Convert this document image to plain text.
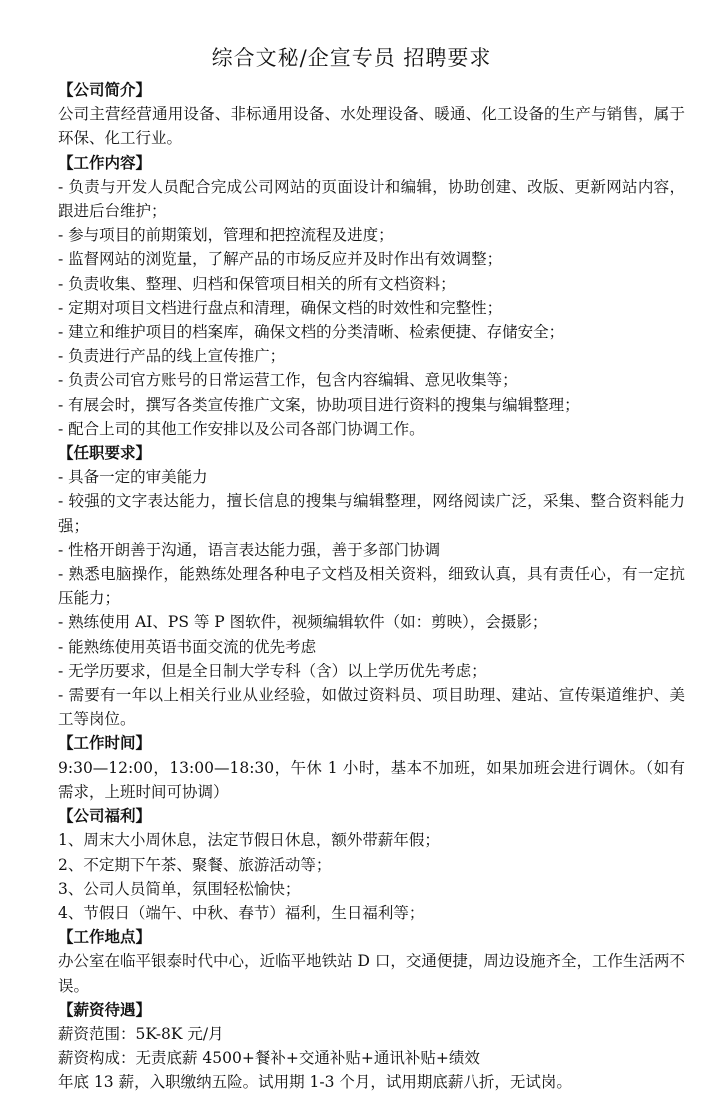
综合文秘/企宣专员 招聘要求
【公司简介】

公司主营经营通用设备、非标通用设备、水处理设备、暖通、化工设备的生产与销售，属于环保、化工行业。

【工作内容】
- 负责与开发人员配合完成公司网站的页面设计和编辑，协助创建、改版、更新网站内容，跟进后台维护；
- 参与项目的前期策划，管理和把控流程及进度；
- 监督网站的浏览量，了解产品的市场反应并及时作出有效调整；
- 负责收集、整理、归档和保管项目相关的所有文档资料；
- 定期对项目文档进行盘点和清理，确保文档的时效性和完整性；
- 建立和维护项目的档案库，确保文档的分类清晰、检索便捷、存储安全；
- 负责进行产品的线上宣传推广；
- 负责公司官方账号的日常运营工作，包含内容编辑、意见收集等；
- 有展会时，撰写各类宣传推广文案，协助项目进行资料的搜集与编辑整理；
- 配合上司的其他工作安排以及公司各部门协调工作。
【任职要求】
- 具备一定的审美能力
- 较强的文字表达能力，擅长信息的搜集与编辑整理，网络阅读广泛，采集、整合资料能力强；
- 性格开朗善于沟通，语言表达能力强，善于多部门协调
- 熟悉电脑操作，能熟练处理各种电子文档及相关资料，细致认真，具有责任心，有一定抗压能力；
- 熟练使用 AI、PS 等 P 图软件，视频编辑软件（如：剪映），会摄影；
- 能熟练使用英语书面交流的优先考虑
- 无学历要求，但是全日制大学专科（含）以上学历优先考虑；
- 需要有一年以上相关行业从业经验，如做过资料员、项目助理、建站、宣传渠道维护、美工等岗位。
【工作时间】

9:30—12:00，13:00—18:30，午休 1 小时，基本不加班，如果加班会进行调休。（如有需求，上班时间可协调）

【公司福利】
1、周末大小周休息，法定节假日休息，额外带薪年假；
2、不定期下午茶、聚餐、旅游活动等；
3、公司人员简单，氛围轻松愉快；
4、节假日（端午、中秋、春节）福利，生日福利等；
【工作地点】

办公室在临平银泰时代中心，近临平地铁站 D 口，交通便捷，周边设施齐全，工作生活两不误。

【薪资待遇】
薪资范围：5K-8K 元/月
薪资构成：无责底薪 4500+餐补+交通补贴+通讯补贴+绩效
年底 13 薪，入职缴纳五险。试用期 1-3 个月，试用期底薪八折，无试岗。
